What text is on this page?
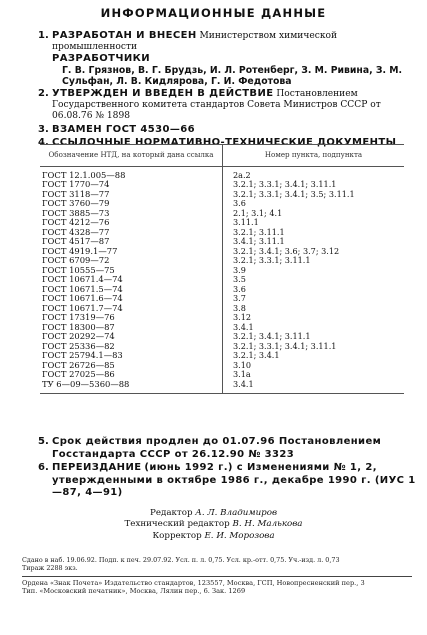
ИНФОРМАЦИОННЫЕ ДАННЫЕ
1. РАЗРАБОТАН И ВНЕСЕН Министерством химической промышленности
РАЗРАБОТЧИКИ
Г. В. Грязнов, В. Г. Брудзь, И. Л. Ротенберг, З. М. Ривина, З. М. Сульфан, Л. В. Кидлярова, Г. И. Федотова
2. УТВЕРЖДЕН И ВВЕДЕН В ДЕЙСТВИЕ Постановлением Государственного комитета стандартов Совета Министров СССР от 06.08.76 № 1898
3. ВЗАМЕН ГОСТ 4530—66
4. ССЫЛОЧНЫЕ НОРМАТИВНО-ТЕХНИЧЕСКИЕ ДОКУМЕНТЫ
Обозначение НТД, на который дана ссылка	Номер пункта, подпункта
ГОСТ 12.1.005—88	2а.2
ГОСТ 1770—74	3.2.1; 3.3.1; 3.4.1; 3.11.1
ГОСТ 3118—77	3.2.1; 3.3.1; 3.4.1; 3.5; 3.11.1
ГОСТ 3760—79	3.6
ГОСТ 3885—73	2.1; 3.1; 4.1
ГОСТ 4212—76	3.11.1
ГОСТ 4328—77	3.2.1; 3.11.1
ГОСТ 4517—87	3.4.1; 3.11.1
ГОСТ 4919.1—77	3.2.1; 3.4.1; 3.6; 3.7; 3.12
ГОСТ 6709—72	3.2.1; 3.3.1; 3.11.1
ГОСТ 10555—75	3.9
ГОСТ 10671.4—74	3.5
ГОСТ 10671.5—74	3.6
ГОСТ 10671.6—74	3.7
ГОСТ 10671.7—74	3.8
ГОСТ 17319—76	3.12
ГОСТ 18300—87	3.4.1
ГОСТ 20292—74	3.2.1; 3.4.1; 3.11.1
ГОСТ 25336—82	3.2.1; 3.3.1; 3.4.1; 3.11.1
ГОСТ 25794.1—83	3.2.1; 3.4.1
ГОСТ 26726—85	3.10
ГОСТ 27025—86	3.1а
ТУ 6—09—5360—88	3.4.1
5. Срок действия продлен до 01.07.96 Постановлением Госстандарта СССР от 26.12.90 № 3323
6. ПЕРЕИЗДАНИЕ (июнь 1992 г.) с Изменениями № 1, 2, утвержденными в октябре 1986 г., декабре 1990 г. (ИУС 1—87, 4—91)
Редактор А. Л. Владимиров
Технический редактор В. Н. Малькова
Корректор Е. И. Морозова
Сдано в наб. 19.06.92. Подп. к печ. 29.07.92. Усл. п. л. 0,75. Усл. кр.-отт. 0,75. Уч.-изд. л. 0,73
Тираж 2288 экз.
Ордена «Знак Почета» Издательство стандартов, 123557, Москва, ГСП, Новопресненский пер., 3
Тип. «Московский печатник», Москва, Лялин пер., 6. Зак. 1269
